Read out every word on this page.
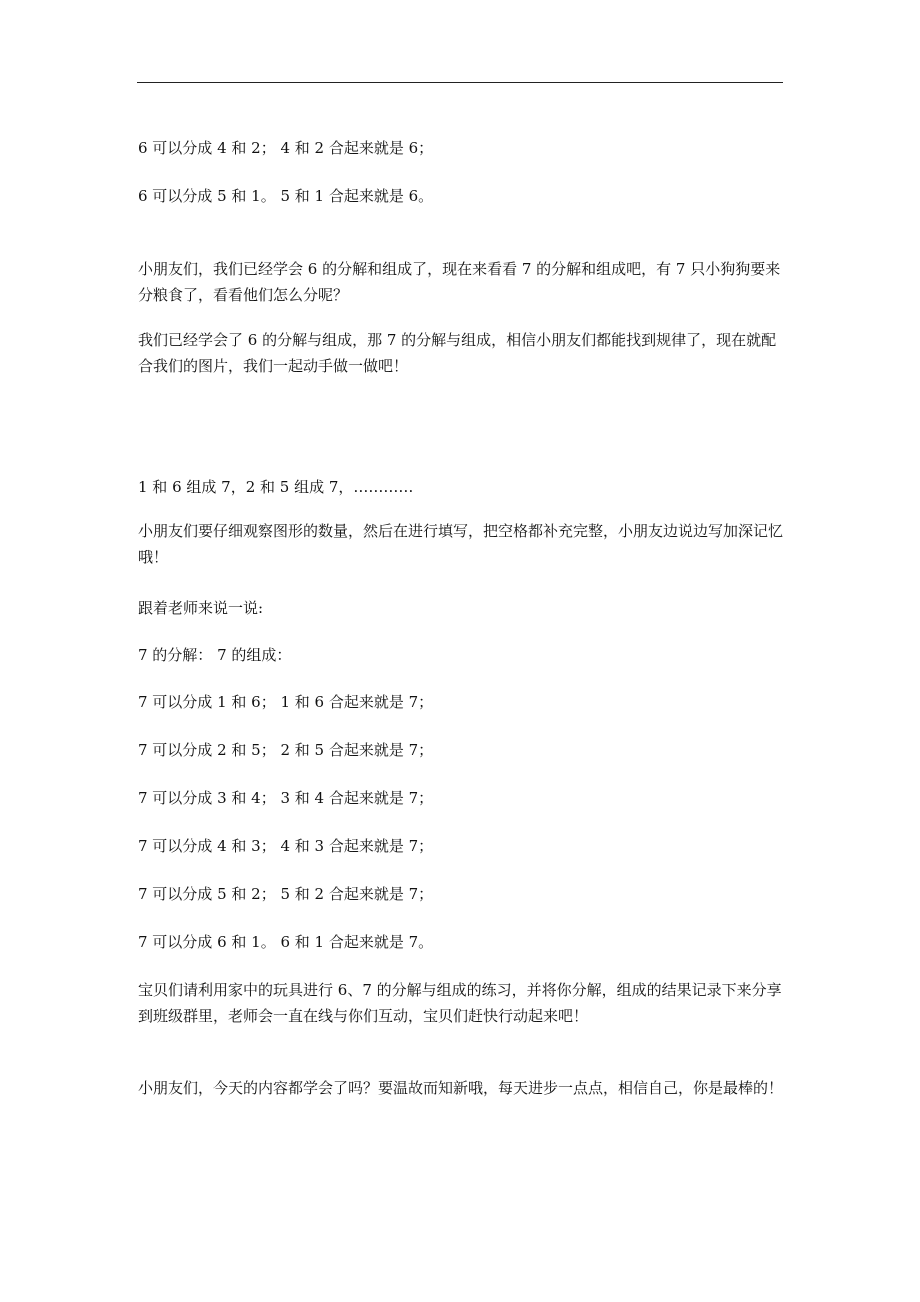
6 可以分成 4 和 2； 4 和 2 合起来就是 6；

6 可以分成 5 和 1。 5 和 1 合起来就是 6。

小朋友们，我们已经学会 6 的分解和组成了，现在来看看 7 的分解和组成吧，有 7 只小狗狗要来分粮食了，看看他们怎么分呢？

我们已经学会了 6 的分解与组成，那 7 的分解与组成，相信小朋友们都能找到规律了，现在就配合我们的图片，我们一起动手做一做吧！

1 和 6 组成 7，2 和 5 组成 7，…………

小朋友们要仔细观察图形的数量，然后在进行填写，把空格都补充完整，小朋友边说边写加深记忆哦！

跟着老师来说一说:

7 的分解： 7 的组成：

7 可以分成 1 和 6； 1 和 6 合起来就是 7；

7 可以分成 2 和 5； 2 和 5 合起来就是 7；

7 可以分成 3 和 4； 3 和 4 合起来就是 7；

7 可以分成 4 和 3； 4 和 3 合起来就是 7；

7 可以分成 5 和 2； 5 和 2 合起来就是 7；

7 可以分成 6 和 1。 6 和 1 合起来就是 7。

宝贝们请利用家中的玩具进行 6、7 的分解与组成的练习，并将你分解，组成的结果记录下来分享到班级群里，老师会一直在线与你们互动，宝贝们赶快行动起来吧！

小朋友们，今天的内容都学会了吗？要温故而知新哦，每天进步一点点，相信自己，你是最棒的！
